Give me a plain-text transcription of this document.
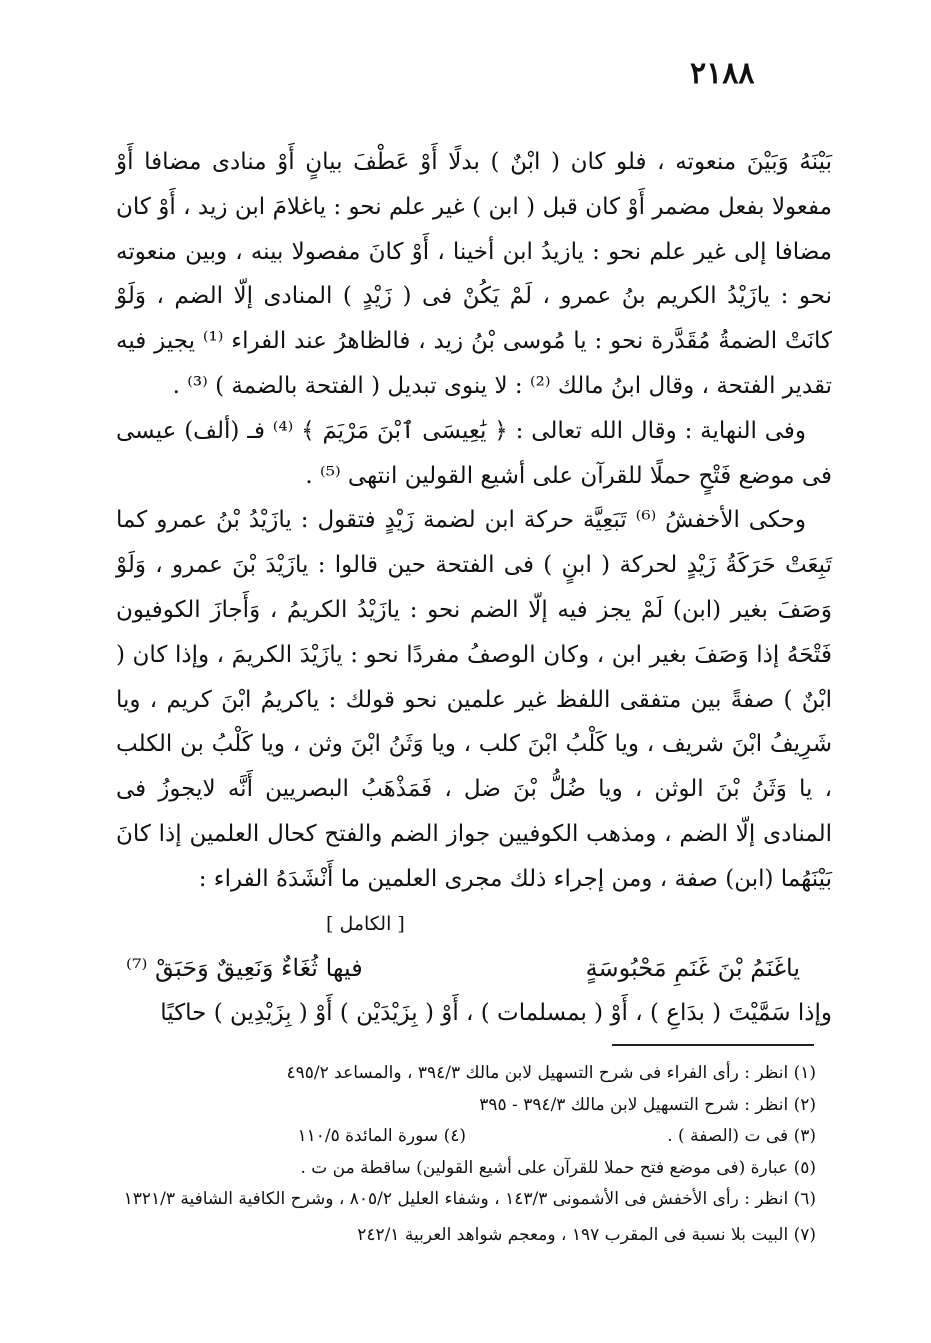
٢١٨٨

بَيْنَهُ وَبَيْنَ منعوته ، فلو كان ( ابْنٌ ) بدلًا أَوْ عَطْفَ بيانٍ أَوْ منادى مضافا أَوْ مفعولا بفعل مضمر أَوْ كان قبل ( ابن ) غير علم نحو : ياغلامَ ابن زيد ، أَوْ كان مضافا إلى غير علم نحو : يازيدُ ابن أخينا ، أَوْ كانَ مفصولا بينه ، وبين منعوته نحو : يازَيْدُ الكريم بنُ عمرو ، لَمْ يَكُنْ فى ( زَيْدٍ ) المنادى إلّا الضم ، وَلَوْ كانَتْ الضمةُ مُقَدَّرة نحو : يا مُوسى بْنُ زيد ، فالظاهرُ عند الفراء ⁽¹⁾ يجيز فيه تقدير الفتحة ، وقال ابنُ مالك ⁽²⁾ : لا ينوى تبديل ( الفتحة بالضمة ) ⁽³⁾ .

وفى النهاية : وقال الله تعالى : ﴿ يَٰعِيسَى ٱبْنَ مَرْيَمَ ﴾ ⁽⁴⁾ فـ (ألف) عيسى فى موضع فَتْحٍ حملًا للقرآن على أشيع القولين انتهى ⁽⁵⁾ .

وحكى الأخفشُ ⁽⁶⁾ تَبَعِيَّة حركة ابن لضمة زَيْدٍ فتقول : يازَيْدُ بْنُ عمرو كما تَبِعَتْ حَرَكَةُ زَيْدٍ لحركة ( ابنٍ ) فى الفتحة حين قالوا : يازَيْدَ بْنَ عمرو ، وَلَوْ وَصَفَ بغير (ابن) لَمْ يجز فيه إلّا الضم نحو : يازَيْدُ الكريمُ ، وَأَجازَ الكوفيون فَتْحَهُ إذا وَصَفَ بغير ابن ، وكان الوصفُ مفردًا نحو : يازَيْدَ الكريمَ ، وإذا كان ( ابْنٌ ) صفةً بين متفقى اللفظ غير علمين نحو قولك : ياكريمُ ابْنَ كريم ، ويا شَرِيفُ ابْنَ شريف ، ويا كَلْبُ ابْنَ كلب ، ويا وَثَنُ ابْنَ وثن ، ويا كَلْبُ بن الكلب ، يا وَثَنُ بْنَ الوثن ، ويا ضُلُّ بْنَ ضل ، فَمَذْهَبُ البصريين أَنَّه لايجوزُ فى المنادى إلّا الضم ، ومذهب الكوفيين جواز الضم والفتح كحال العلمين إذا كانَ بَيْنَهُما (ابن) صفة ، ومن إجراء ذلك مجرى العلمين ما أَنْشَدَهُ الفراء :

[ الكامل ]

ياغَنَمُ بْنَ غَنَمِ مَحْبُوسَةٍ
فيها ثُغَاءٌ وَنَعِيقٌ وَحَبَقْ ⁽⁷⁾

وإذا سَمَّيْتَ ( بدَاعِ ) ، أَوْ ( بمسلمات ) ، أَوْ ( بِزَيْدَيْن ) أَوْ ( بِزَيْدِين ) حاكيًا

(١) انظر : رأى الفراء فى شرح التسهيل لابن مالك ٣٩٤/٣ ، والمساعد ٤٩٥/٢

(٢) انظر : شرح التسهيل لابن مالك ٣٩٤/٣ - ٣٩٥

(٣) فى ت (الصفة ) .

(٤) سورة المائدة ١١٠/٥

(٥) عبارة (فى موضع فتح حملا للقرآن على أشيع القولين) ساقطة من ت .

(٦) انظر : رأى الأخفش فى الأشمونى ١٤٣/٣ ، وشفاء العليل ٨٠٥/٢ ، وشرح الكافية الشافية ١٣٢١/٣

(٧) البيت بلا نسبة فى المقرب ١٩٧ ، ومعجم شواهد العربية ٢٤٢/١
